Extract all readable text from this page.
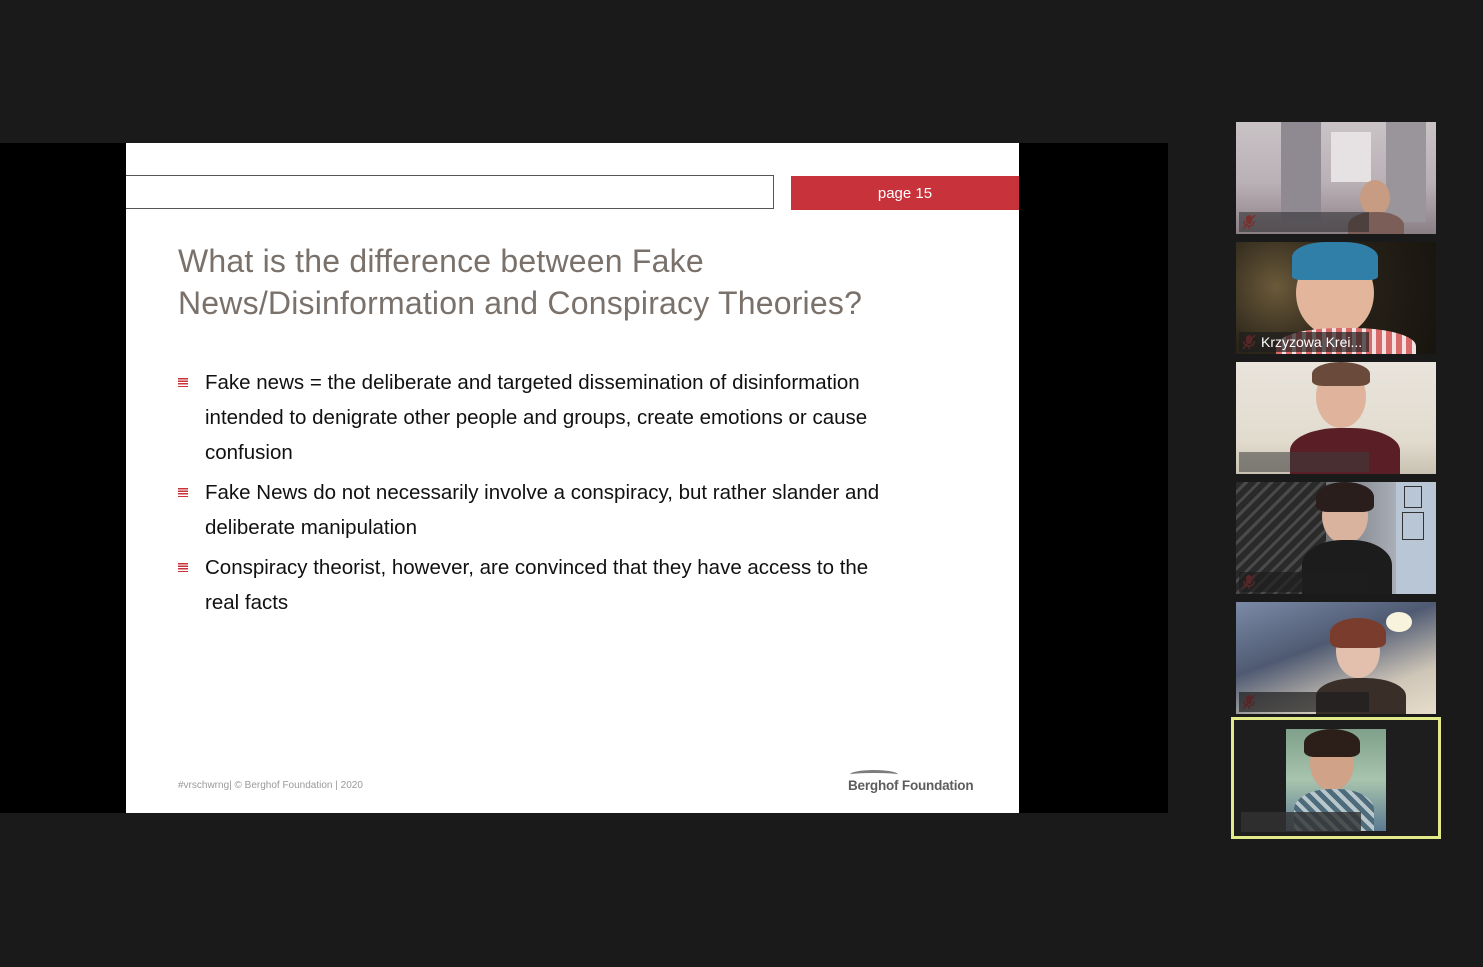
page 15
What is the difference between Fake
News/Disinformation and Conspiracy Theories?
Fake news = the deliberate and targeted dissemination of disinformation
intended to denigrate other people and groups, create emotions or cause
confusion
Fake News do not necessarily involve a conspiracy, but rather slander and
deliberate manipulation
Conspiracy theorist, however, are convinced that they have access to the
real facts
#vrschwrng| © Berghof Foundation | 2020	Berghof Foundation
Krzyzowa Krei...
